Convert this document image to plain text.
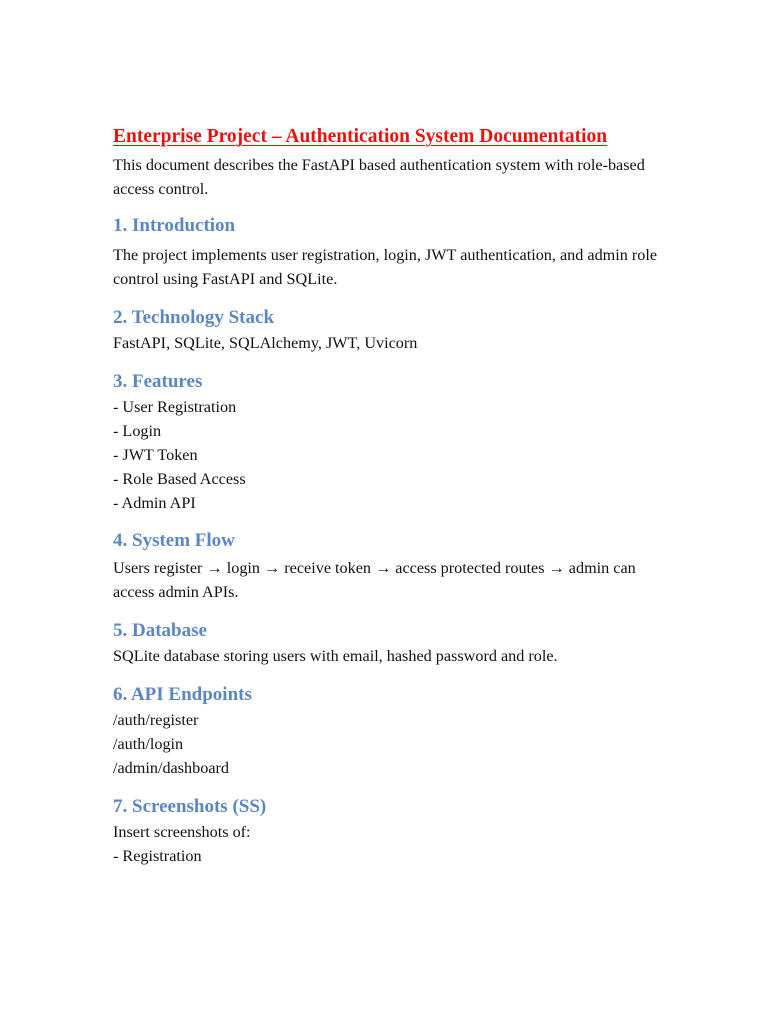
Enterprise Project – Authentication System Documentation

This document describes the FastAPI based authentication system with role-based access control.

1. Introduction

The project implements user registration, login, JWT authentication, and admin role control using FastAPI and SQLite.

2. Technology Stack

FastAPI, SQLite, SQLAlchemy, JWT, Uvicorn

3. Features
- User Registration
- Login
- JWT Token
- Role Based Access
- Admin API
4. System Flow

Users register → login → receive token → access protected routes → admin can access admin APIs.

5. Database

SQLite database storing users with email, hashed password and role.

6. API Endpoints
/auth/register
/auth/login
/admin/dashboard
7. Screenshots (SS)

Insert screenshots of:

- Registration
